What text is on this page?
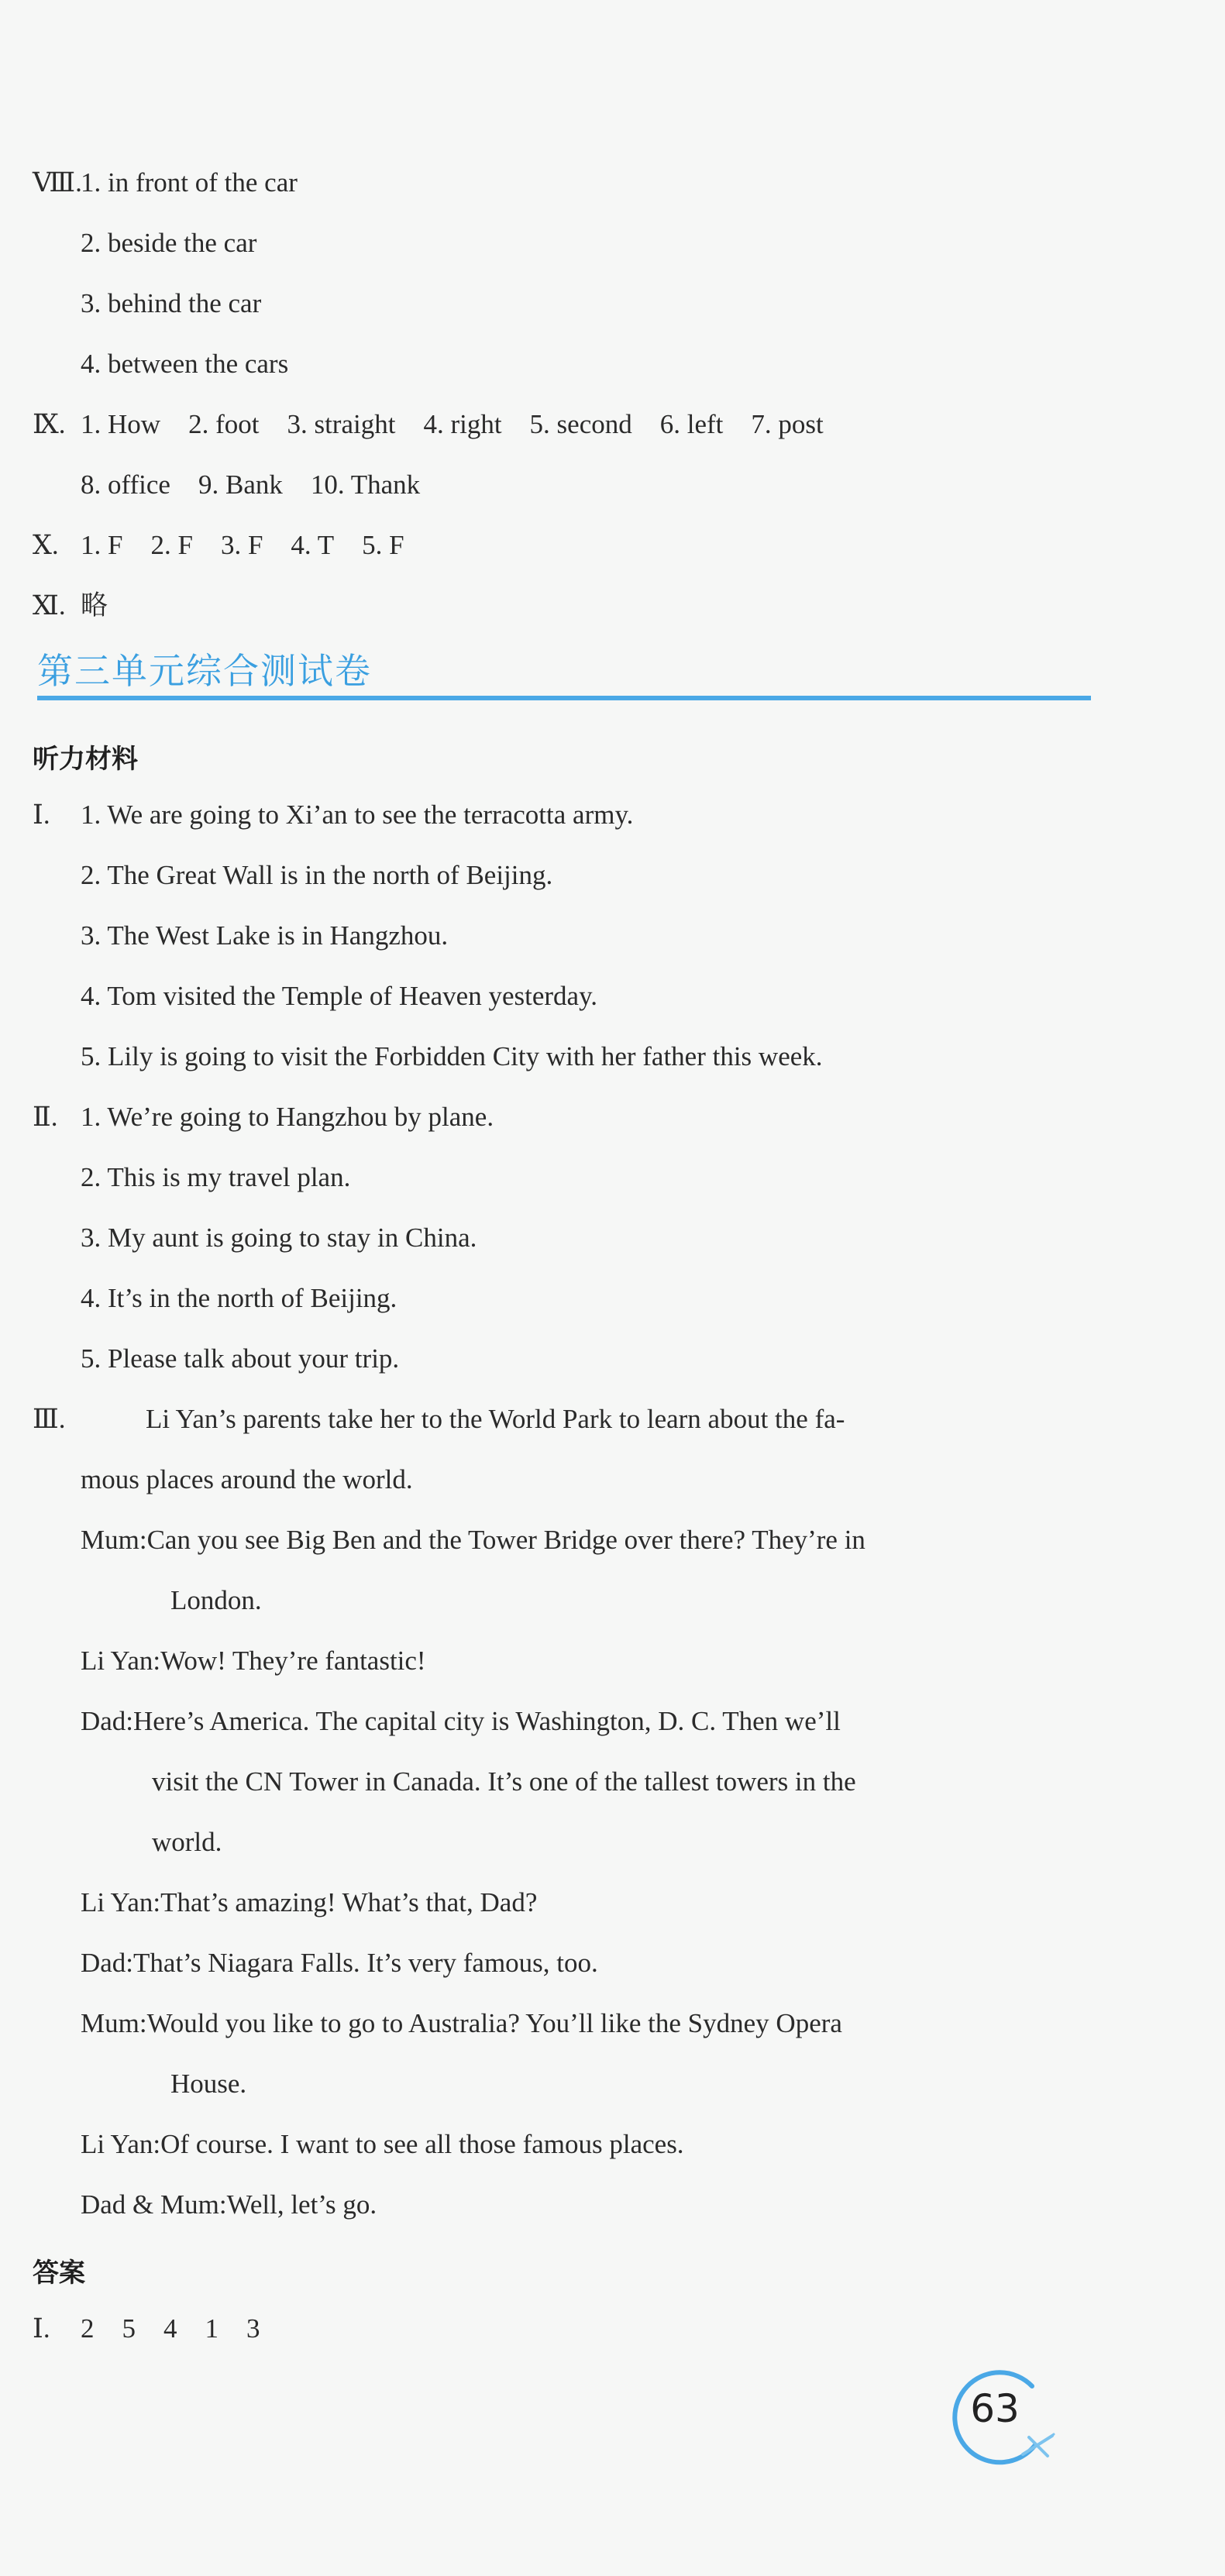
Ⅷ.
1. in front of the car
2. beside the car
3. behind the car
4. between the cars
Ⅸ. 1. How 2. foot 3. straight 4. right 5. second 6. left 7. post
8. office 9. Bank 10. Thank
Ⅹ. 1. F 2. F 3. F 4. T 5. F
Ⅺ. 略
第三单元综合测试卷
听力材料
Ⅰ. 1. We are going to Xi’an to see the terracotta army.
2. The Great Wall is in the north of Beijing.
3. The West Lake is in Hangzhou.
4. Tom visited the Temple of Heaven yesterday.
5. Lily is going to visit the Forbidden City with her father this week.
Ⅱ. 1. We’re going to Hangzhou by plane.
2. This is my travel plan.
3. My aunt is going to stay in China.
4. It’s in the north of Beijing.
5. Please talk about your trip.
Ⅲ.	Li Yan’s parents take her to the World Park to learn about the fa-
mous places around the world.
Mum:Can you see Big Ben and the Tower Bridge over there? They’re in
London.
Li Yan:Wow! They’re fantastic!
Dad:Here’s America. The capital city is Washington, D. C. Then we’ll
visit the CN Tower in Canada. It’s one of the tallest towers in the
world.
Li Yan:That’s amazing! What’s that, Dad?
Dad:That’s Niagara Falls. It’s very famous, too.
Mum:Would you like to go to Australia? You’ll like the Sydney Opera
House.
Li Yan:Of course. I want to see all those famous places.
Dad & Mum:Well, let’s go.
答案
Ⅰ. 2 5 4 1 3
63
